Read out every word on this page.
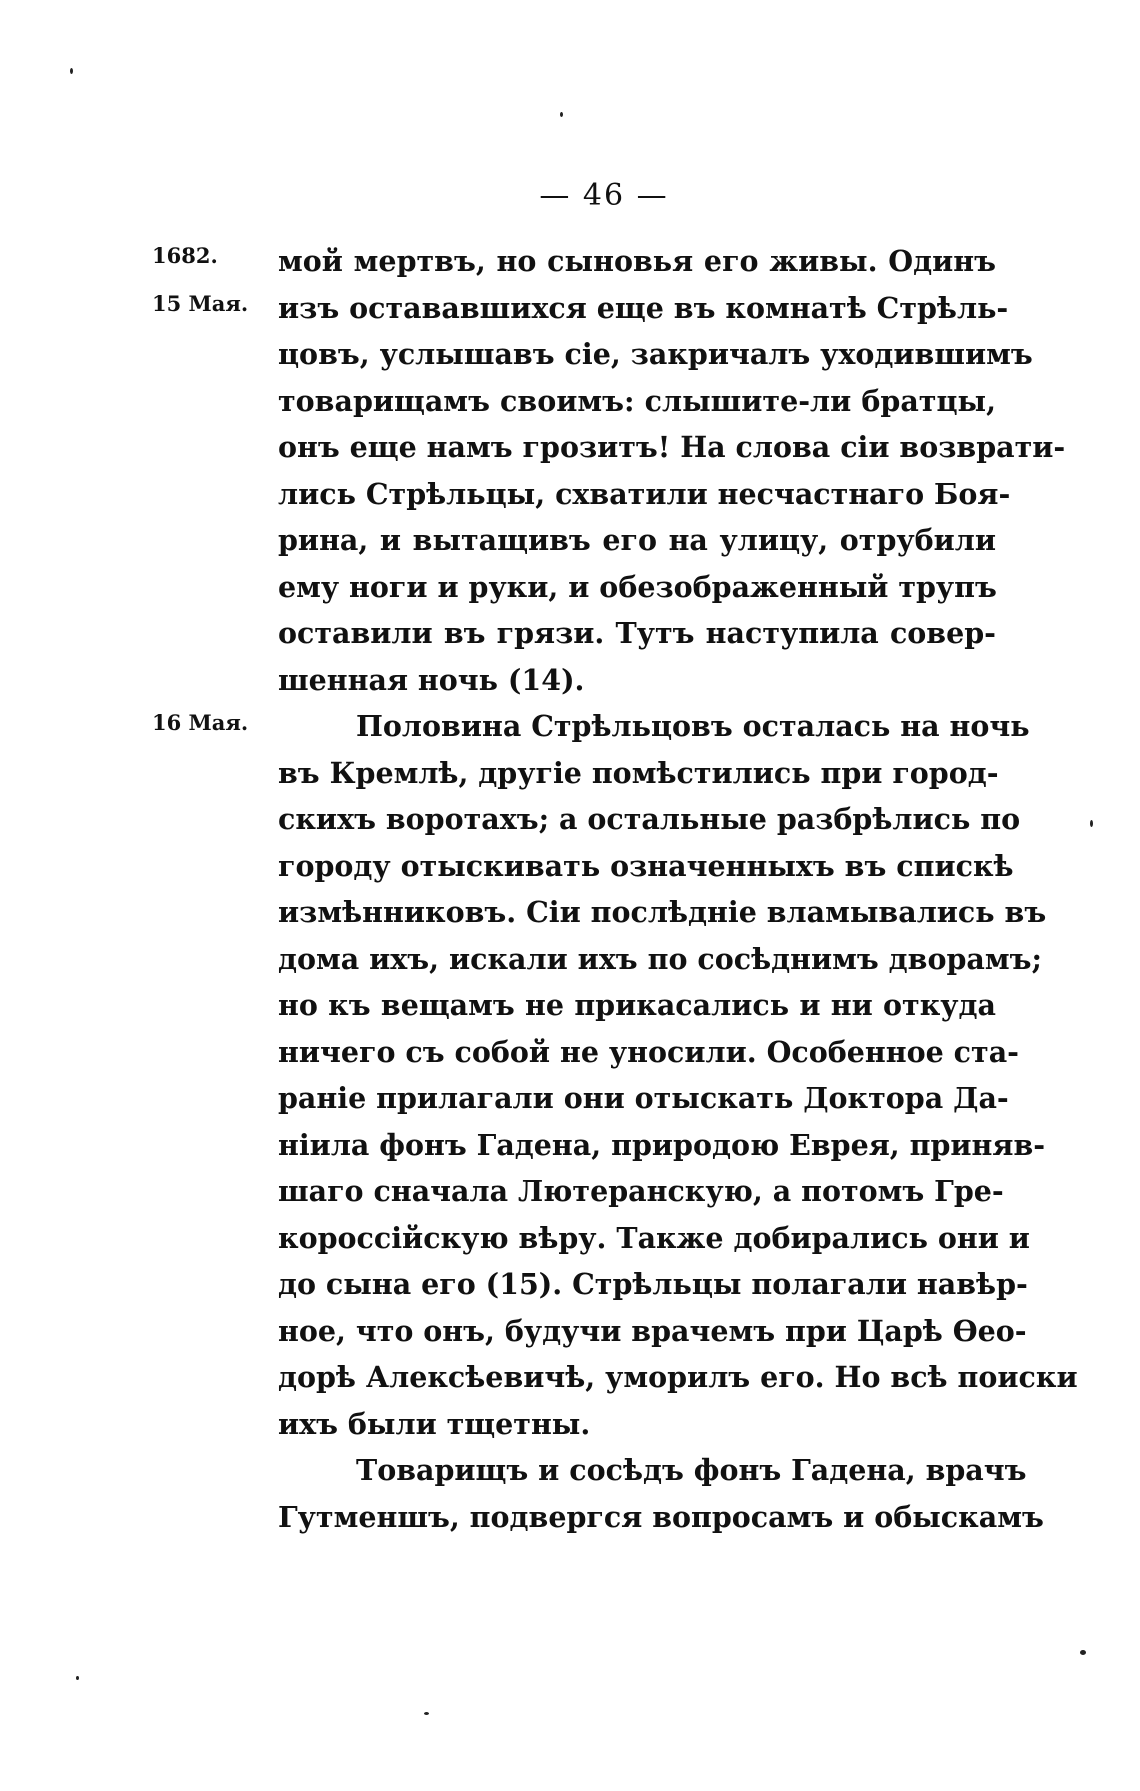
— 46 —
1682.
15 Мая.
16 Мая.
мой мертвъ, но сыновья его живы. Одинъ
изъ остававшихся еще въ комнатѣ Стрѣль-
цовъ, услышавъ сіе, закричалъ уходившимъ
товарищамъ своимъ: слышите-ли братцы,
онъ еще намъ грозитъ! На слова сіи возврати-
лись Стрѣльцы, схватили несчастнаго Боя-
рина, и вытащивъ его на улицу, отрубили
ему ноги и руки, и обезображенный трупъ
оставили въ грязи. Тутъ наступила совер-
шенная ночь (14).
Половина Стрѣльцовъ осталась на ночь
въ Кремлѣ, другіе помѣстились при город-
скихъ воротахъ; а остальные разбрѣлись по
городу отыскивать означенныхъ въ спискѣ
измѣнниковъ. Сіи послѣдніе вламывались въ
дома ихъ, искали ихъ по сосѣднимъ дворамъ;
но къ вещамъ не прикасались и ни откуда
ничего съ собой не уносили. Особенное ста-
раніе прилагали они отыскать Доктора Да-
ніила фонъ Гадена, природою Еврея, приняв-
шаго сначала Лютеранскую, а потомъ Гре-
короссійскую вѣру. Также добирались они и
до сына его (15). Стрѣльцы полагали навѣр-
ное, что онъ, будучи врачемъ при Царѣ Ѳео-
дорѣ Алексѣевичѣ, уморилъ его. Но всѣ поиски
ихъ были тщетны.
Товарищъ и сосѣдъ фонъ Гадена, врачъ
Гутменшъ, подвергся вопросамъ и обыскамъ
